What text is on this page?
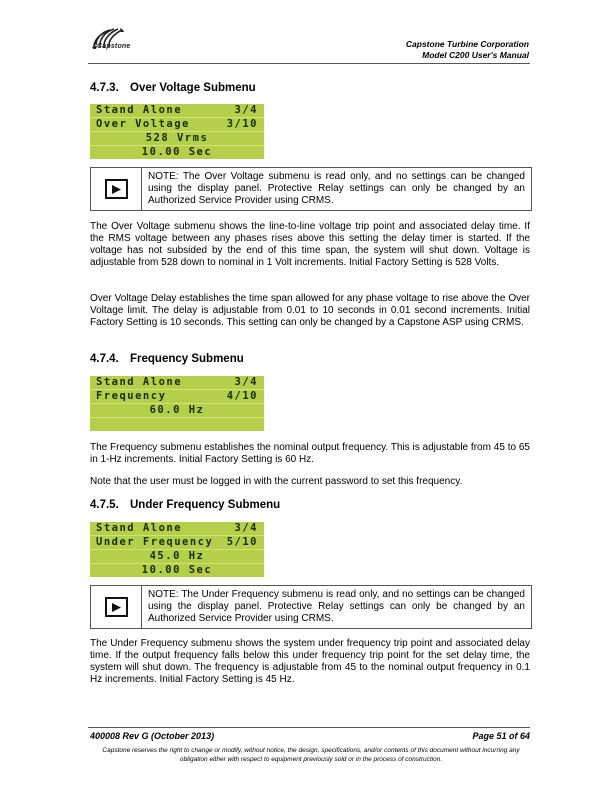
Capstone	Capstone Turbine Corporation
Model C200 User's Manual
4.7.3. Over Voltage Submenu
Stand Alone	3/4
Over Voltage	3/10
528 Vrms
10.00 Sec
NOTE: The Over Voltage submenu is read only, and no settings can be changed using the display panel. Protective Relay settings can only be changed by an Authorized Service Provider using CRMS.

The Over Voltage submenu shows the line-to-line voltage trip point and associated delay time. If the RMS voltage between any phases rises above this setting the delay timer is started. If the voltage has not subsided by the end of this time span, the system will shut down. Voltage is adjustable from 528 down to nominal in 1 Volt increments. Initial Factory Setting is 528 Volts.

Over Voltage Delay establishes the time span allowed for any phase voltage to rise above the Over Voltage limit. The delay is adjustable from 0.01 to 10 seconds in 0.01 second increments. Initial Factory Setting is 10 seconds. This setting can only be changed by a Capstone ASP using CRMS.

4.7.4. Frequency Submenu
Stand Alone	3/4
Frequency	4/10
60.0 Hz

The Frequency submenu establishes the nominal output frequency. This is adjustable from 45 to 65 in 1-Hz increments. Initial Factory Setting is 60 Hz.

Note that the user must be logged in with the current password to set this frequency.

4.7.5. Under Frequency Submenu
Stand Alone	3/4
Under Frequency 5/10
45.0 Hz
10.00 Sec
NOTE: The Under Frequency submenu is read only, and no settings can be changed using the display panel. Protective Relay settings can only be changed by an Authorized Service Provider using CRMS.

The Under Frequency submenu shows the system under frequency trip point and associated delay time. If the output frequency falls below this under frequency trip point for the set delay time, the system will shut down. The frequency is adjustable from 45 to the nominal output frequency in 0.1 Hz increments. Initial Factory Setting is 45 Hz.

400008 Rev G (October 2013)	Page 51 of 64
Capstone reserves the right to change or modify, without notice, the design, specifications, and/or contents of this document without incurring any obligation either with respect to equipment previously sold or in the process of construction.
